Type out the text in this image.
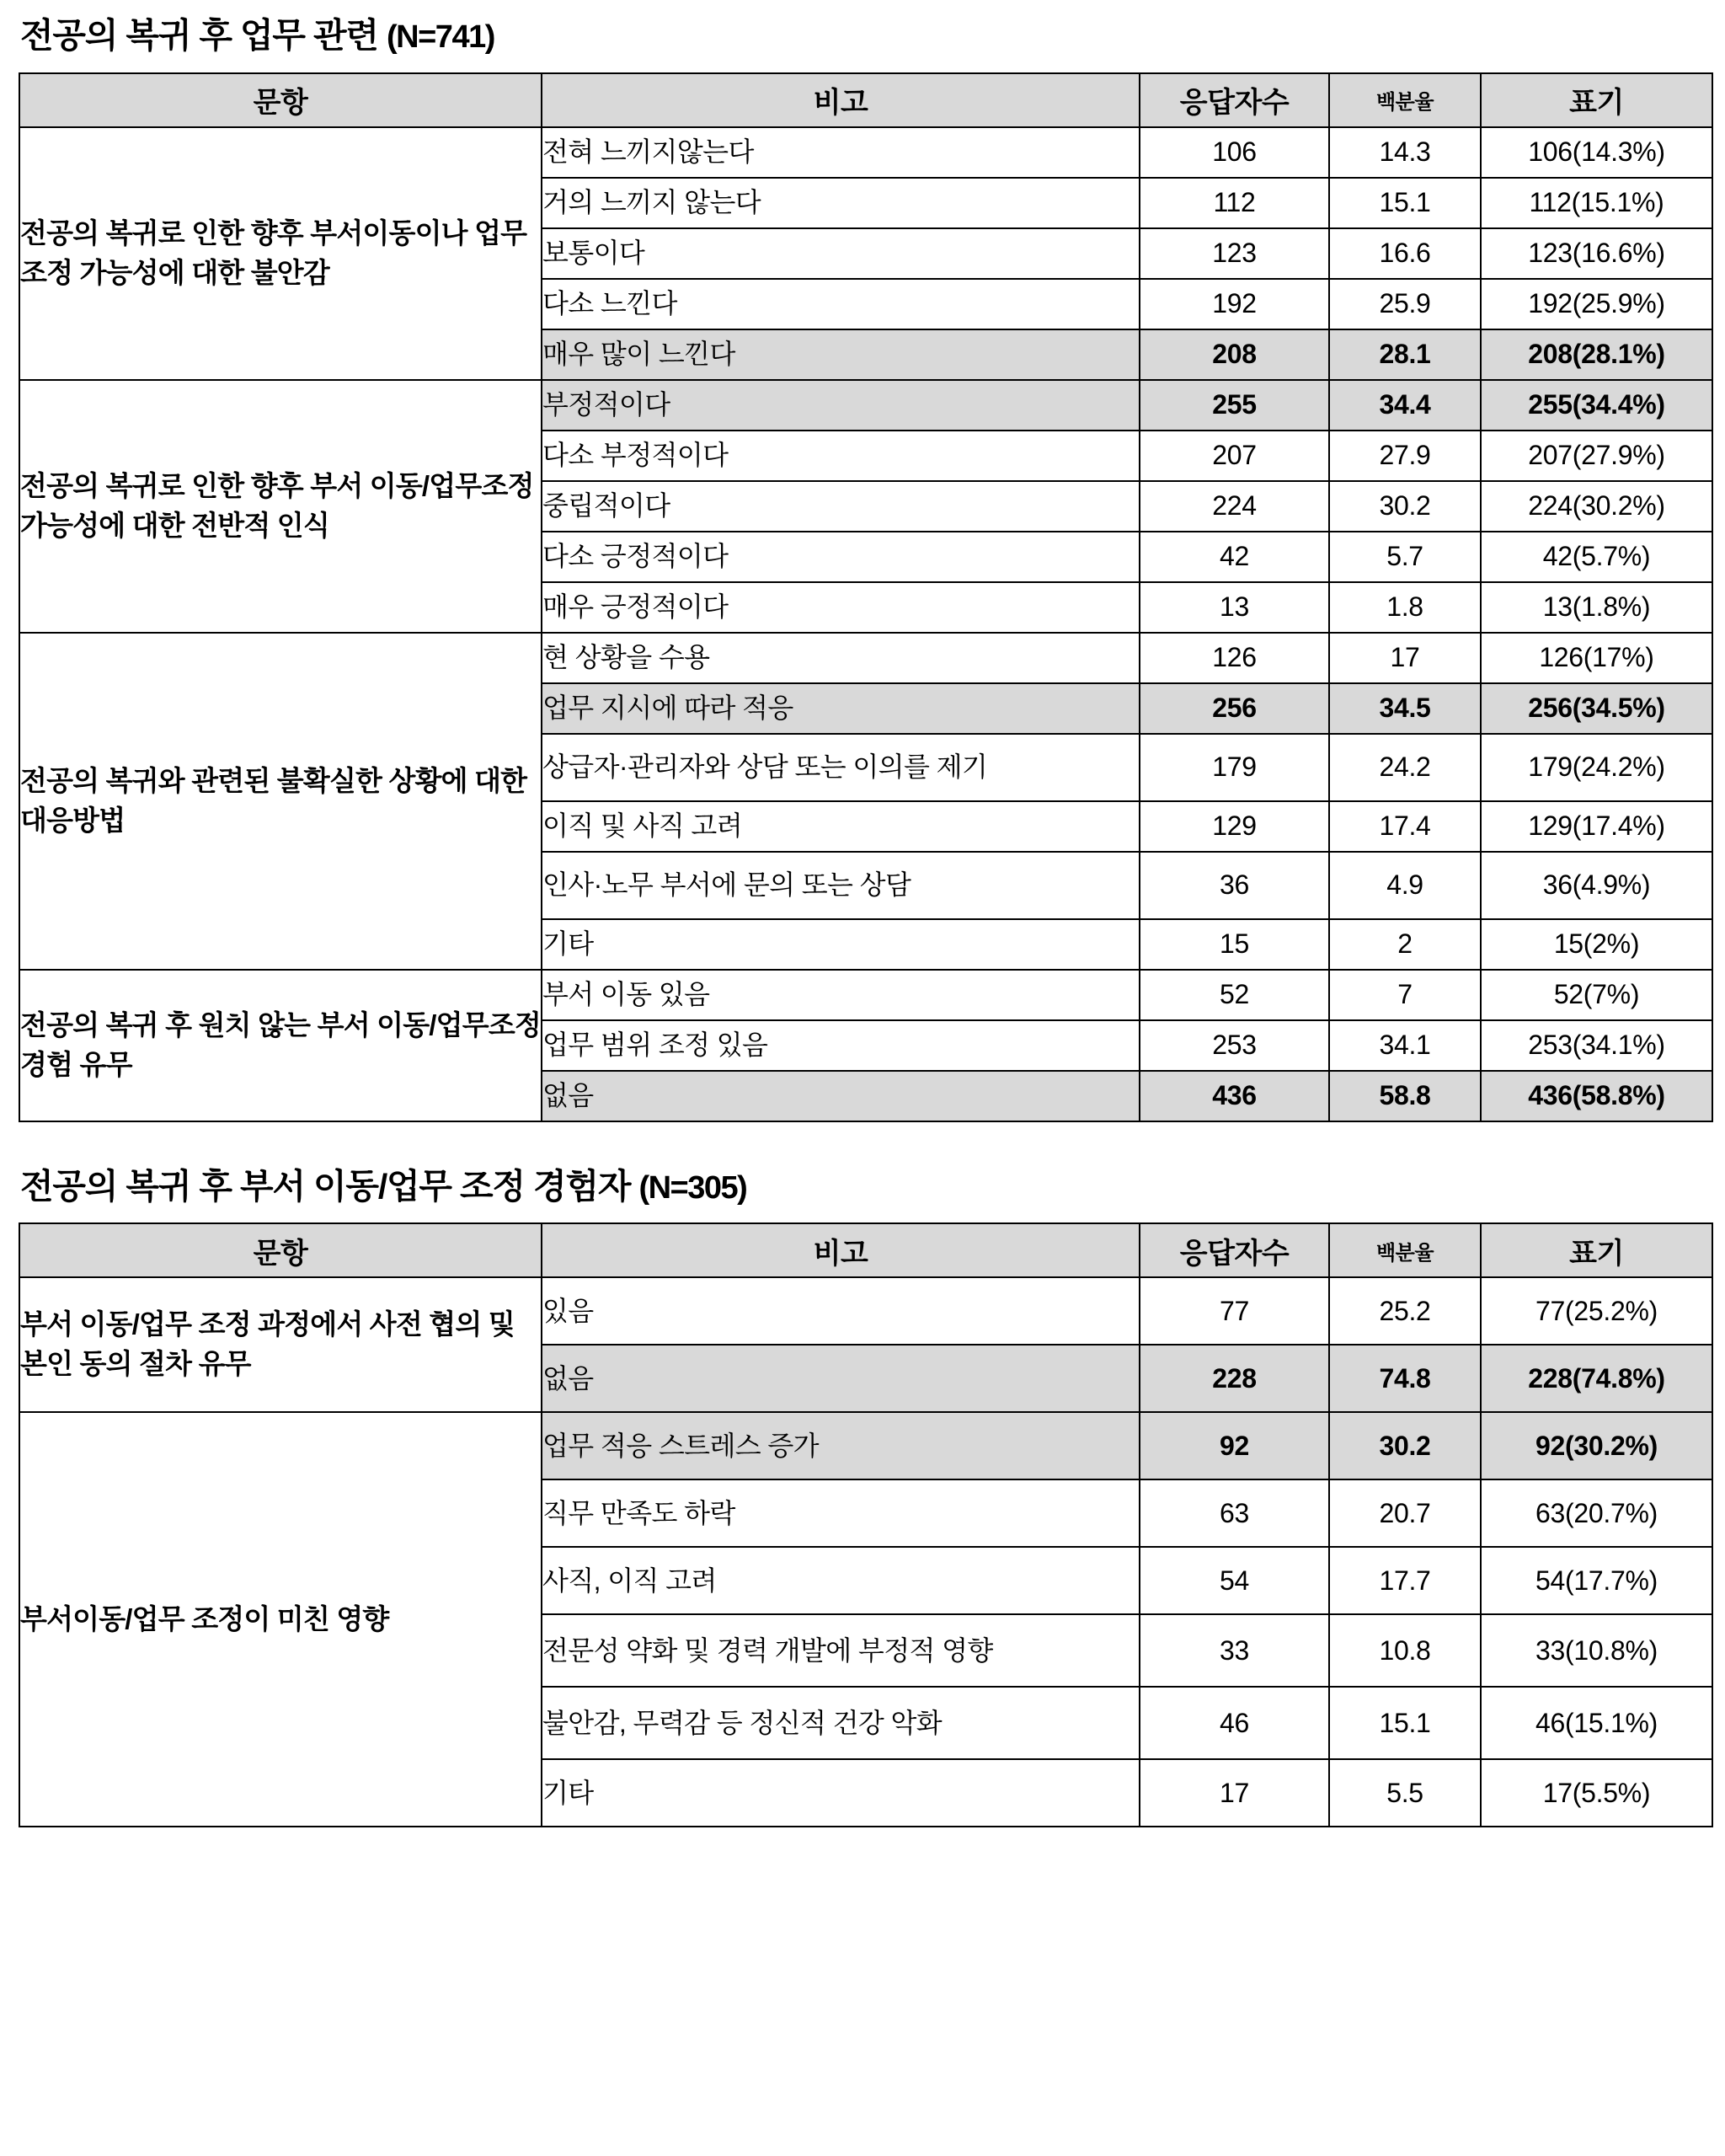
전공의 복귀 후 업무 관련 (N=741)
문항	비고	응답자수	백분율	표기
전공의 복귀로 인한 향후 부서이동이나 업무 조정 가능성에 대한 불안감	전혀 느끼지않는다	106	14.3	106(14.3%)
	거의 느끼지 않는다	112	15.1	112(15.1%)
	보통이다	123	16.6	123(16.6%)
	다소 느낀다	192	25.9	192(25.9%)
	매우 많이 느낀다	208	28.1	208(28.1%)
전공의 복귀로 인한 향후 부서 이동/업무조정 가능성에 대한 전반적 인식	부정적이다	255	34.4	255(34.4%)
	다소 부정적이다	207	27.9	207(27.9%)
	중립적이다	224	30.2	224(30.2%)
	다소 긍정적이다	42	5.7	42(5.7%)
	매우 긍정적이다	13	1.8	13(1.8%)
전공의 복귀와 관련된 불확실한 상황에 대한 대응방법	현 상황을 수용	126	17	126(17%)
	업무 지시에 따라 적응	256	34.5	256(34.5%)
	상급자·관리자와 상담 또는 이의를 제기	179	24.2	179(24.2%)
	이직 및 사직 고려	129	17.4	129(17.4%)
	인사·노무 부서에 문의 또는 상담	36	4.9	36(4.9%)
	기타	15	2	15(2%)
전공의 복귀 후 원치 않는 부서 이동/업무조정 경험 유무	부서 이동 있음	52	7	52(7%)
	업무 범위 조정 있음	253	34.1	253(34.1%)
	없음	436	58.8	436(58.8%)
전공의 복귀 후 부서 이동/업무 조정 경험자 (N=305)
문항	비고	응답자수	백분율	표기
부서 이동/업무 조정 과정에서 사전 협의 및 본인 동의 절차 유무	있음	77	25.2	77(25.2%)
	없음	228	74.8	228(74.8%)
부서이동/업무 조정이 미친 영향	업무 적응 스트레스 증가	92	30.2	92(30.2%)
	직무 만족도 하락	63	20.7	63(20.7%)
	사직, 이직 고려	54	17.7	54(17.7%)
	전문성 약화 및 경력 개발에 부정적 영향	33	10.8	33(10.8%)
	불안감, 무력감 등 정신적 건강 악화	46	15.1	46(15.1%)
	기타	17	5.5	17(5.5%)
